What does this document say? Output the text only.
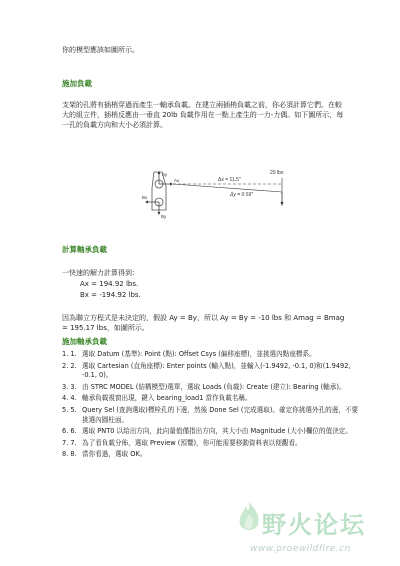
你的模型應該如圖所示。

施加負載

支架的孔將有插梢穿過而產生一軸承負載。在建立兩插梢負載之前，你必須計算它們。在較大的組立件，插梢反應由一垂直 20lb 負載作用在一點上產生的一力-力偶。如下圖所示，每一孔的負載方向和大小必須計算。

Ax
Ay
Bx
By
Δx = 11.5"
Δy = 0.59"
20 lbs

計算軸承負載

一快速的解力計算得到：

Ax = 194.92 lbs.

Bx = -194.92 lbs.

因為聯立方程式是未決定的，假設 Ay = By，所以 Ay = By = -10 lbs 和 Amag = Bmag = 195.17 lbs，如圖所示。

施加軸承負載

1. 1. 選取 Datum (基準): Point (點): Offset Csys (偏移座標)，並挑選內點座標系。
2. 2. 選取 Cartesian (直角座標): Enter points (輸入點)，並輸入(-1.9492, -0.1, 0)和(1.9492, -0.1, 0)。
3. 3. 由 STRC MODEL (結構模型)選單，選取 Loads (負載): Create (建立): Bearing (軸承)。
4. 4. 軸承負載視窗出現，鍵入 bearing_load1 當作負載名稱。
5. 5. Query Sel (查詢選取)標栓孔的下邊，然後 Done Sel (完成選取)。確定你挑選外孔的邊，不要挑選內圓柱面。
6. 6. 選取 PNT0 以給出方向，此向量值僅指出方向，其大小由 Magnitude (大小)欄位的值決定。
7. 7. 為了看負載分佈，選取 Preview (預覽)，你可能需要移動資料表以便觀看。
8. 8. 當你看過，選取 OK。
野火论坛
www.proewildfire.cn
